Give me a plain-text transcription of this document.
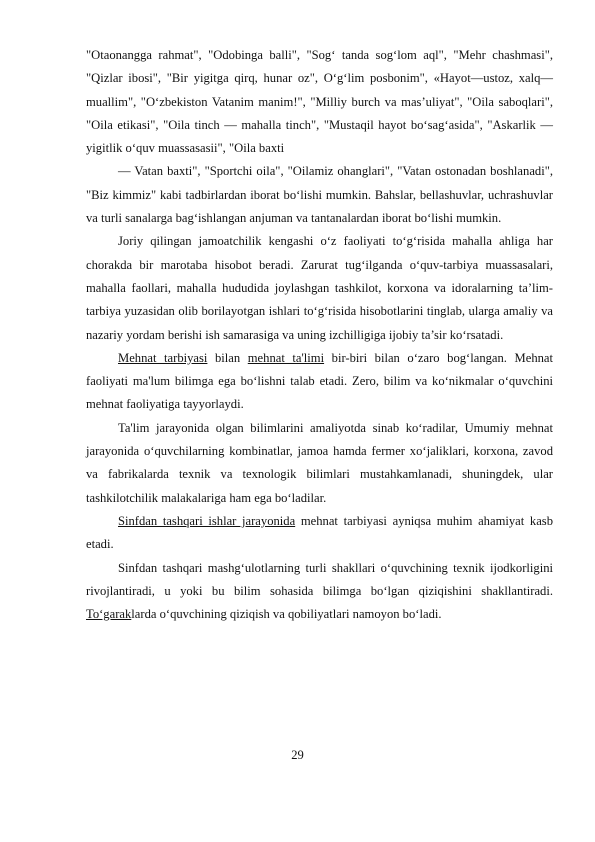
"Otaonangga rahmat", "Odobinga balli", "Sog‘ tanda sog‘lom aql", "Mehr chashmasi", "Qizlar ibosi", "Bir yigitga qirq, hunar oz", O‘g‘lim posbonim", «Hayot—ustoz, xalq—muallim", "O‘zbekiston Vatanim manim!", "Milliy burch va mas’uliyat", "Oila saboqlari", "Oila etikasi", "Oila tinch — mahalla tinch", "Mustaqil hayot bo‘sag‘asida", "Askarlik — yigitlik o‘quv muassasasii", "Oila baxti

— Vatan baxti", "Sportchi oila", "Oilamiz ohanglari", "Vatan ostonadan boshlanadi", "Biz kimmiz" kabi tadbirlardan iborat bo‘lishi mumkin. Bahslar, bellashuvlar, uchrashuvlar va turli sanalarga bag‘ishlangan anjuman va tantanalardan iborat bo‘lishi mumkin.

Joriy qilingan jamoatchilik kengashi o‘z faoliyati to‘g‘risida mahalla ahliga har chorakda bir marotaba hisobot beradi. Zarurat tug‘ilganda o‘quv-tarbiya muassasalari, mahalla faollari, mahalla hududida joylashgan tashkilot, korxona va idoralarning ta’lim-tarbiya yuzasidan olib borilayotgan ishlari to‘g‘risida hisobotlarini tinglab, ularga amaliy va nazariy yordam berishi ish samarasiga va uning izchilligiga ijobiy ta’sir ko‘rsatadi.

Mehnat tarbiyasi bilan mehnat ta'limi bir-biri bilan o‘zaro bog‘langan. Mehnat faoliyati ma'lum bilimga ega bo‘lishni talab etadi. Zero, bilim va ko‘nikmalar o‘quvchini mehnat faoliyatiga tayyorlaydi.

Ta'lim jarayonida olgan bilimlarini amaliyotda sinab ko‘radilar, Umumiy mehnat jarayonida o‘quvchilarning kombinatlar, jamoa hamda fermer xo‘jaliklari, korxona, zavod va fabrikalarda texnik va texnologik bilimlari mustahkamlanadi, shuningdek, ular tashkilotchilik malakalariga ham ega bo‘ladilar.

Sinfdan tashqari ishlar jarayonida mehnat tarbiyasi ayniqsa muhim ahamiyat kasb etadi.

Sinfdan tashqari mashg‘ulotlarning turli shakllari o‘quvchining texnik ijodkorligini rivojlantiradi, u yoki bu bilim sohasida bilimga bo‘lgan qiziqishini shakllantiradi. To‘garaklarda o‘quvchining qiziqish va qobiliyatlari namoyon bo‘ladi.

29
